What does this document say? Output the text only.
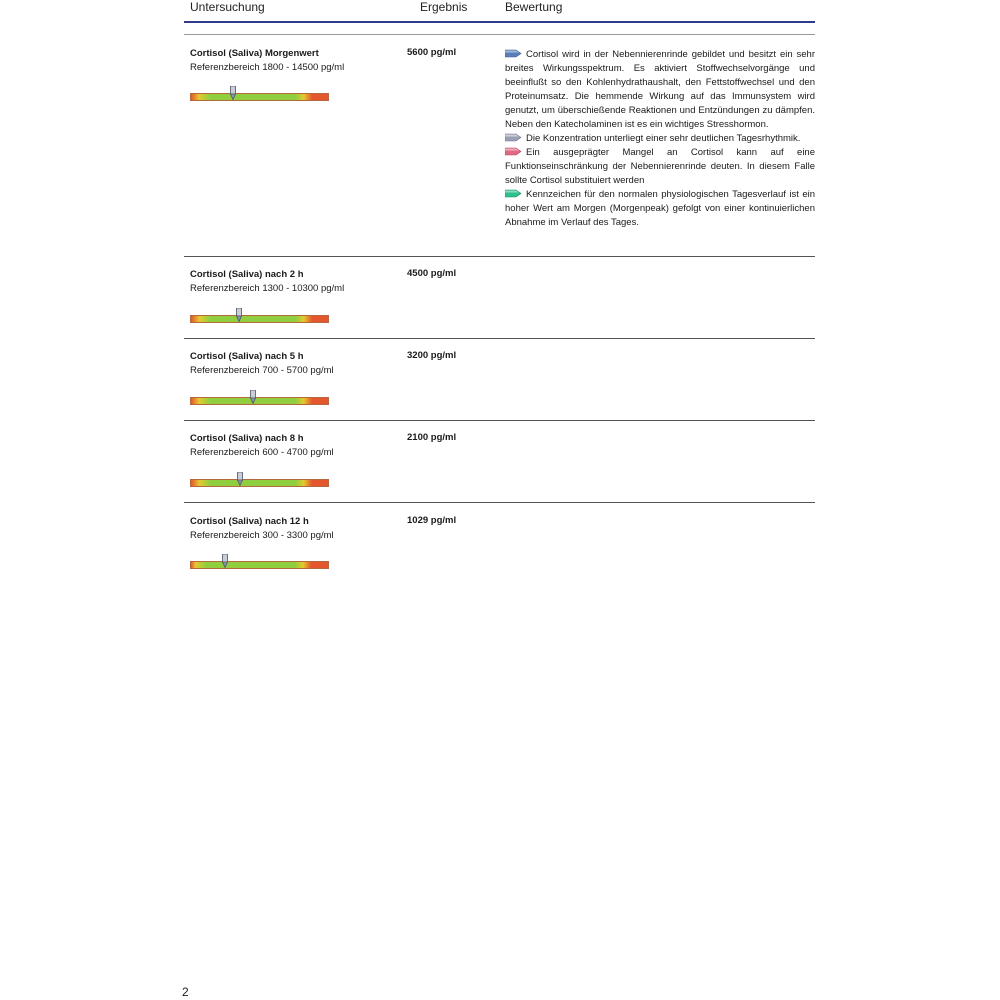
Untersuchung	Ergebnis	Bewertung
Cortisol (Saliva) Morgenwert
Referenzbereich 1800 - 14500 pg/ml
5600 pg/ml	Cortisol wird in der Nebennierenrinde gebildet und besitzt ein sehr breites Wirkungsspektrum. Es aktiviert Stoffwechselvorgänge und beeinflußt so den Kohlenhydrathaushalt, den Fettstoffwechsel und den Proteinumsatz. Die hemmende Wirkung auf das Immunsystem wird genutzt, um überschießende Reaktionen und Entzündungen zu dämpfen. Neben den Katecholaminen ist es ein wichtiges Stresshormon.

Die Konzentration unterliegt einer sehr deutlichen Tagesrhythmik.

Ein ausgeprägter Mangel an Cortisol kann auf eine Funktionseinschränkung der Nebennierenrinde deuten. In diesem Falle sollte Cortisol substituiert werden

Kennzeichen für den normalen physiologischen Tagesverlauf ist ein hoher Wert am Morgen (Morgenpeak) gefolgt von einer kontinuierlichen Abnahme im Verlauf des Tages.

Cortisol (Saliva) nach 2 h
Referenzbereich 1300 - 10300 pg/ml
4500 pg/ml
Cortisol (Saliva) nach 5 h
Referenzbereich 700 - 5700 pg/ml
3200 pg/ml
Cortisol (Saliva) nach 8 h
Referenzbereich 600 - 4700 pg/ml
2100 pg/ml
Cortisol (Saliva) nach 12 h
Referenzbereich 300 - 3300 pg/ml
1029 pg/ml
2
